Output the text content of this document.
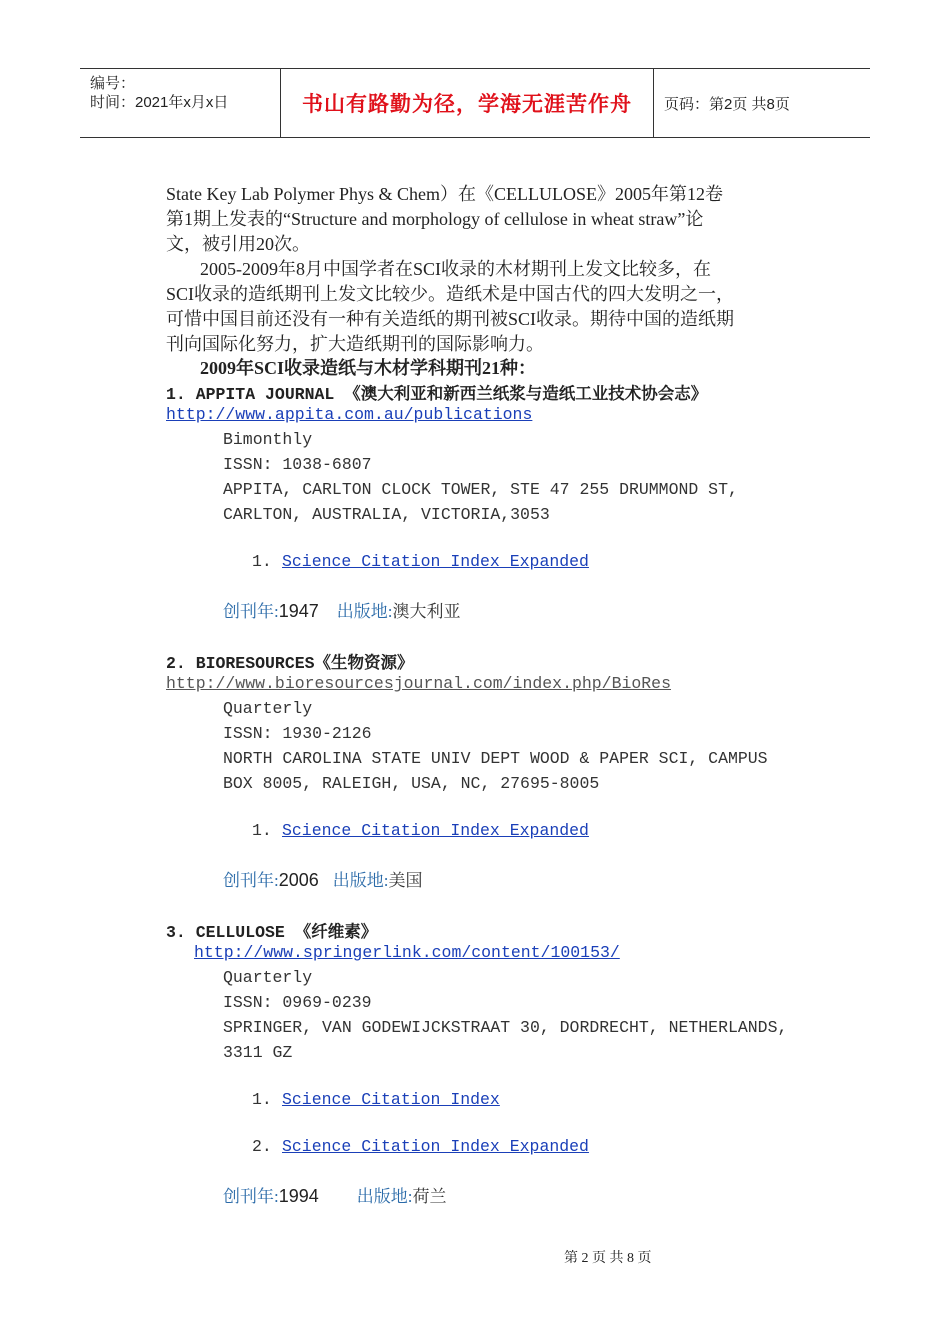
编号：
时间：2021年x月x日	书山有路勤为径，学海无涯苦作舟	页码：第2页 共8页
State Key Lab Polymer Phys & Chem）在《CELLULOSE》2005年第12卷
第1期上发表的“Structure and morphology of cellulose in wheat straw”论
文，被引用20次。
2005-2009年8月中国学者在SCI收录的木材期刊上发文比较多，在
SCI收录的造纸期刊上发文比较少。造纸术是中国古代的四大发明之一，
可惜中国目前还没有一种有关造纸的期刊被SCI收录。期待中国的造纸期
刊向国际化努力，扩大造纸期刊的国际影响力。
2009年SCI收录造纸与木材学科期刊21种：
1. APPITA JOURNAL 《澳大利亚和新西兰纸浆与造纸工业技术协会志》
http://www.appita.com.au/publications
Bimonthly
ISSN: 1038-6807
APPITA, CARLTON CLOCK TOWER, STE 47 255 DRUMMOND ST,
CARLTON, AUSTRALIA, VICTORIA,3053
1. Science Citation Index Expanded
创刊年:1947 出版地:澳大利亚
2. BIORESOURCES《生物资源》
http://www.bioresourcesjournal.com/index.php/BioRes
Quarterly
ISSN: 1930-2126
NORTH CAROLINA STATE UNIV DEPT WOOD & PAPER SCI, CAMPUS
BOX 8005, RALEIGH, USA, NC, 27695-8005
1. Science Citation Index Expanded
创刊年:2006 出版地:美国
3. CELLULOSE 《纤维素》
http://www.springerlink.com/content/100153/
Quarterly
ISSN: 0969-0239
SPRINGER, VAN GODEWIJCKSTRAAT 30, DORDRECHT, NETHERLANDS,
3311 GZ
1. Science Citation Index
2. Science Citation Index Expanded
创刊年:1994 出版地:荷兰
第 2 页 共 8 页
